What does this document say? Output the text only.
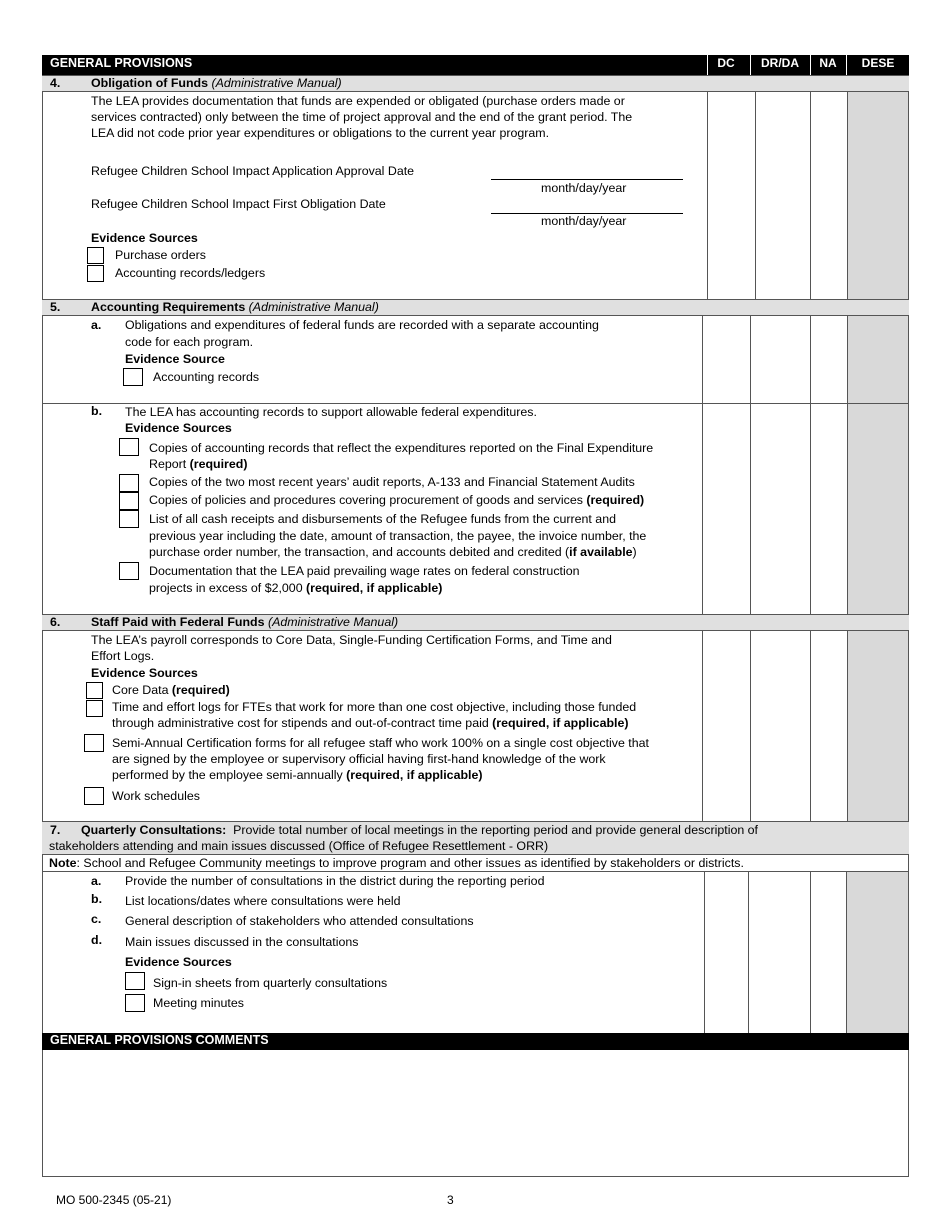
GENERAL PROVISIONS	DC	DR/DA	NA	DESE
4. Obligation of Funds (Administrative Manual)
The LEA provides documentation that funds are expended or obligated (purchase orders made or
services contracted) only between the time of project approval and the end of the grant period. The
LEA did not code prior year expenditures or obligations to the current year program.
Refugee Children School Impact Application Approval Date
month/day/year
Refugee Children School Impact First Obligation Date
month/day/year
Evidence Sources
Purchase orders
Accounting records/ledgers
5. Accounting Requirements (Administrative Manual)
a. Obligations and expenditures of federal funds are recorded with a separate accounting
code for each program.
Evidence Source
Accounting records
b. The LEA has accounting records to support allowable federal expenditures.
Evidence Sources
Copies of accounting records that reflect the expenditures reported on the Final Expenditure
Report (required)
Copies of the two most recent years’ audit reports, A-133 and Financial Statement Audits
Copies of policies and procedures covering procurement of goods and services (required)
List of all cash receipts and disbursements of the Refugee funds from the current and
previous year including the date, amount of transaction, the payee, the invoice number, the
purchase order number, the transaction, and accounts debited and credited (if available)
Documentation that the LEA paid prevailing wage rates on federal construction
projects in excess of $2,000 (required, if applicable)
6. Staff Paid with Federal Funds (Administrative Manual)
The LEA’s payroll corresponds to Core Data, Single-Funding Certification Forms, and Time and
Effort Logs.
Evidence Sources
Core Data (required)
Time and effort logs for FTEs that work for more than one cost objective, including those funded
through administrative cost for stipends and out-of-contract time paid (required, if applicable)
Semi-Annual Certification forms for all refugee staff who work 100% on a single cost objective that
are signed by the employee or supervisory official having first-hand knowledge of the work
performed by the employee semi-annually (required, if applicable)
Work schedules
7. Quarterly Consultations: Provide total number of local meetings in the reporting period and provide general description of
stakeholders attending and main issues discussed (Office of Refugee Resettlement - ORR)
Note: School and Refugee Community meetings to improve program and other issues as identified by stakeholders or districts.
a. Provide the number of consultations in the district during the reporting period
b. List locations/dates where consultations were held
c. General description of stakeholders who attended consultations
d. Main issues discussed in the consultations
Evidence Sources
Sign-in sheets from quarterly consultations
Meeting minutes
GENERAL PROVISIONS COMMENTS
MO 500-2345 (05-21)	3
